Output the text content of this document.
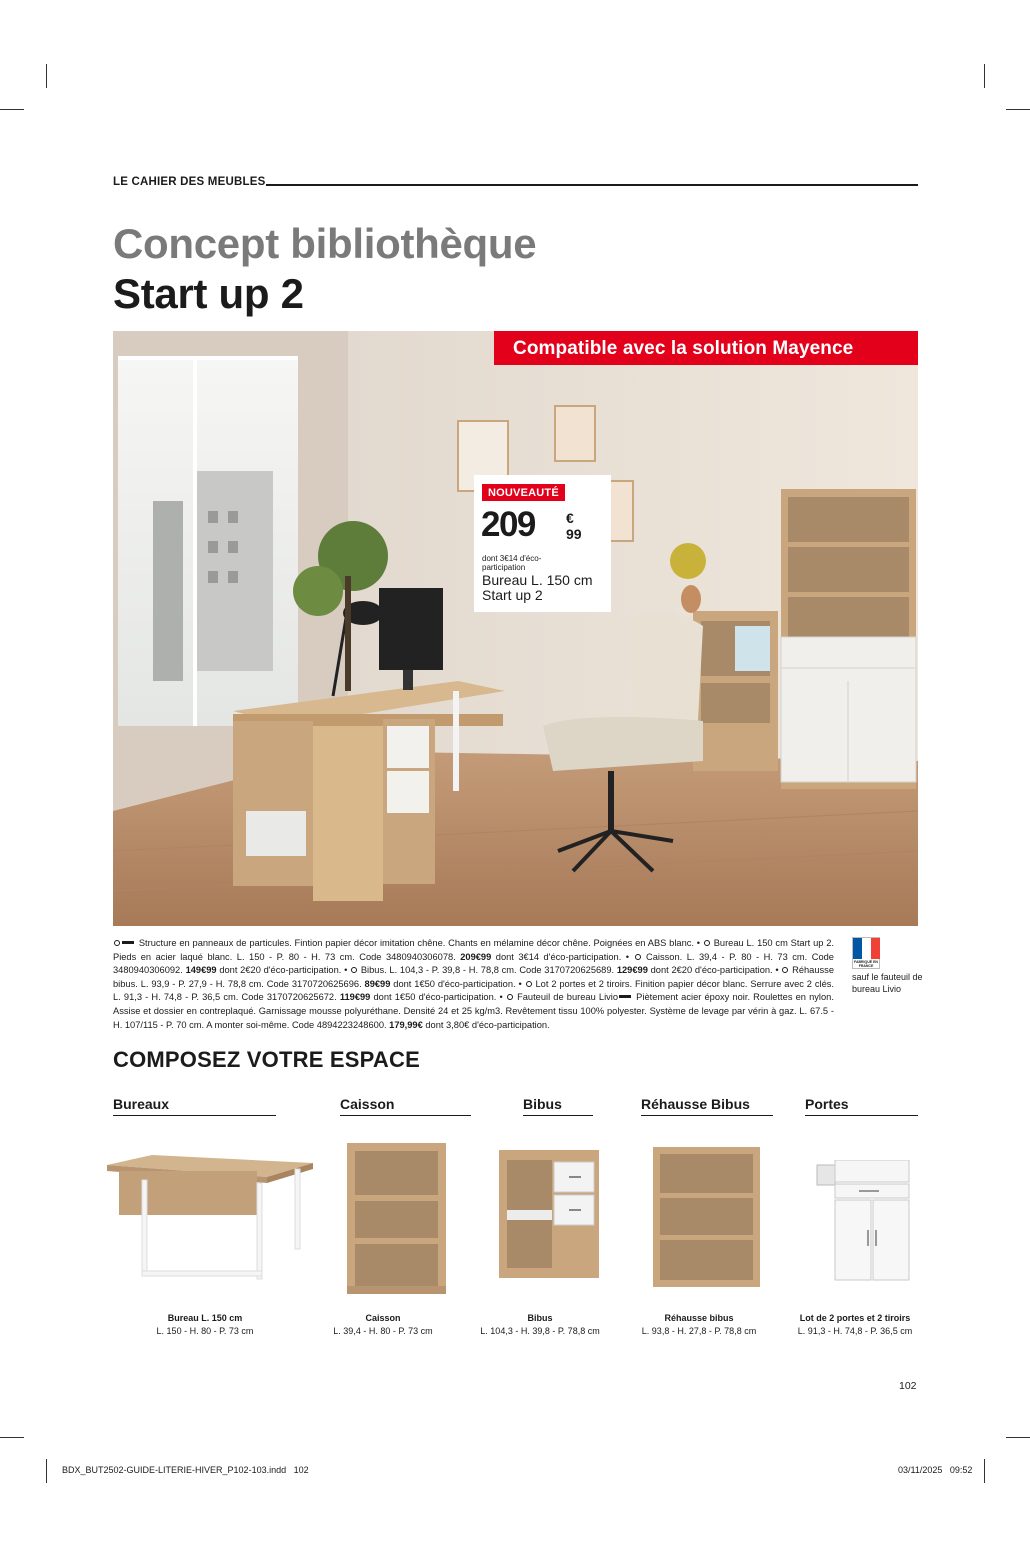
LE CAHIER DES MEUBLES
Concept bibliothèque
Start up 2
Compatible avec la solution Mayence
NOUVEAUTÉ
209 €
99
dont 3€14 d'éco-participation
Bureau L. 150 cm
Start up 2
Structure en panneaux de particules. Fintion papier décor imitation chêne. Chants en mélamine décor chêne. Poignées en ABS blanc. • Bureau L. 150 cm Start up 2. Pieds en acier laqué blanc. L. 150 - P. 80 - H. 73 cm. Code 3480940306078. 209€99 dont 3€14 d'éco-participation. • Caisson. L. 39,4 - P. 80 - H. 73 cm. Code 3480940306092. 149€99 dont 2€20 d'éco-participation. • Bibus. L. 104,3 - P. 39,8 - H. 78,8 cm. Code 3170720625689. 129€99 dont 2€20 d'éco-participation. • Réhausse bibus. L. 93,9 - P. 27,9 - H. 78,8 cm. Code 3170720625696. 89€99 dont 1€50 d'éco-participation. • Lot 2 portes et 2 tiroirs. Finition papier décor blanc. Serrure avec 2 clés. L. 91,3 - H. 74,8 - P. 36,5 cm. Code 3170720625672. 119€99 dont 1€50 d'éco-participation. • Fauteuil de bureau Livio Piètement acier époxy noir. Roulettes en nylon. Assise et dossier en contreplaqué. Garnissage mousse polyuréthane. Densité 24 et 25 kg/m3. Revêtement tissu 100% polyester. Système de levage par vérin à gaz. L. 67.5 - H. 107/115 - P. 70 cm. A monter soi-même. Code 4894223248600. 179,99€ dont 3,80€ d'éco-participation.
FABRIQUÉ EN FRANCE
sauf le fauteuil de bureau Livio
COMPOSEZ VOTRE ESPACE
Bureaux	Caisson	Bibus	Réhausse Bibus	Portes
Bureau L. 150 cm
L. 150 - H. 80 - P. 73 cm
Caisson
L. 39,4 - H. 80 - P. 73 cm
Bibus
L. 104,3 - H. 39,8 - P. 78,8 cm
Réhausse bibus
L. 93,8 - H. 27,8 - P. 78,8 cm
Lot de 2 portes et 2 tiroirs
L. 91,3 - H. 74,8 - P. 36,5 cm
102
BDX_BUT2502-GUIDE-LITERIE-HIVER_P102-103.indd   102	03/11/2025   09:52
